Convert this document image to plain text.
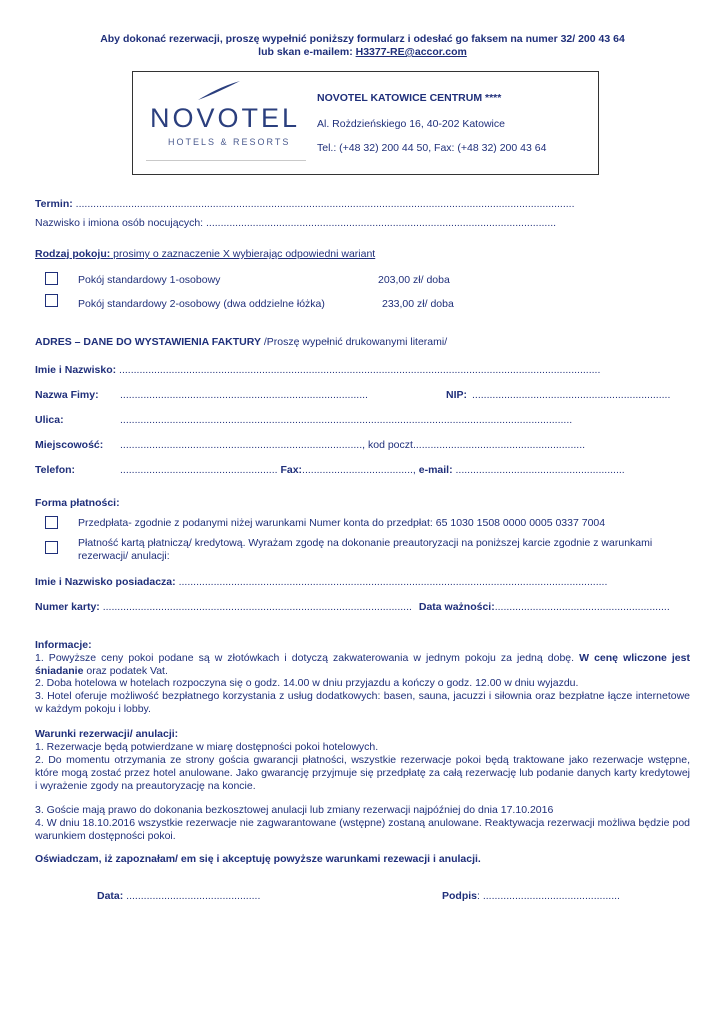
Aby dokonać rezerwacji, proszę wypełnić poniższy formularz i odesłać go faksem na numer 32/ 200 43 64
lub skan e-mailem: H3377-RE@accor.com
NOVOTEL
HOTELS & RESORTS
NOVOTEL KATOWICE CENTRUM ****
Al. Rożdzieńskiego 16, 40-202 Katowice
Tel.: (+48 32) 200 44 50, Fax: (+48 32) 200 43 64
Termin: ...........................................................................................................................................................................
Nazwisko i imiona osób nocujących: ........................................................................................................................
Rodzaj pokoju: prosimy o zaznaczenie X wybierając odpowiedni wariant
Pokój standardowy 1-osobowy	203,00 zł/ doba
Pokój standardowy 2-osobowy (dwa oddzielne łóżka)	233,00 zł/ doba
ADRES – DANE DO WYSTAWIENIA FAKTURY /Proszę wypełnić drukowanymi literami/
Imie i Nazwisko: .....................................................................................................................................................................
Nazwa Fimy: .....................................................................................	NIP: ....................................................................
Ulica:	...........................................................................................................................................................
Miejscowość: ..................................................................................., kod poczt...........................................................
Telefon:	...................................................... Fax:......................................, e-mail: ..........................................................
Forma płatności:
Przedpłata- zgodnie z podanymi niżej warunkami Numer konta do przedpłat: 65 1030 1508 0000 0005 0337 7004
Płatność kartą płatniczą/ kredytową. Wyrażam zgodę na dokonanie preautoryzacji na poniższej karcie zgodnie z warunkami
rezerwacji/ anulacji:
Imie i Nazwisko posiadacza: ...................................................................................................................................................
Numer karty: .......................................................................................................... Data ważności:............................................................
Informacje:
1. Powyższe ceny pokoi podane są w złotówkach i dotyczą zakwaterowania w jednym pokoju za jedną dobę. W cenę wliczone jest śniadanie oraz podatek Vat.
2. Doba hotelowa w hotelach rozpoczyna się o godz. 14.00 w dniu przyjazdu a kończy o godz. 12.00 w dniu wyjazdu.
3. Hotel oferuje możliwość bezpłatnego korzystania z usług dodatkowych: basen, sauna, jacuzzi i siłownia oraz bezpłatne łącze internetowe w każdym pokoju i lobby.
Warunki rezerwacji/ anulacji:
1. Rezerwacje będą potwierdzane w miarę dostępności pokoi hotelowych.
2. Do momentu otrzymania ze strony gościa gwarancji płatności, wszystkie rezerwacje pokoi będą traktowane jako rezerwacje wstępne, które mogą zostać przez hotel anulowane. Jako gwarancję przyjmuje się przedpłatę za całą rezerwację lub podanie danych karty kredytowej i wyrażenie zgody na preautoryzację na koncie.
3. Goście mają prawo do dokonania bezkosztowej anulacji lub zmiany rezerwacji najpóźniej do dnia 17.10.2016
4. W dniu 18.10.2016 wszystkie rezerwacje nie zagwarantowane (wstępne) zostaną anulowane. Reaktywacja rezerwacji możliwa będzie pod warunkiem dostępności pokoi.
Oświadczam, iż zapoznałam/ em się i akceptuję powyższe warunkami rezewacji i anulacji.
Data: ..............................................	Podpis: ...............................................
